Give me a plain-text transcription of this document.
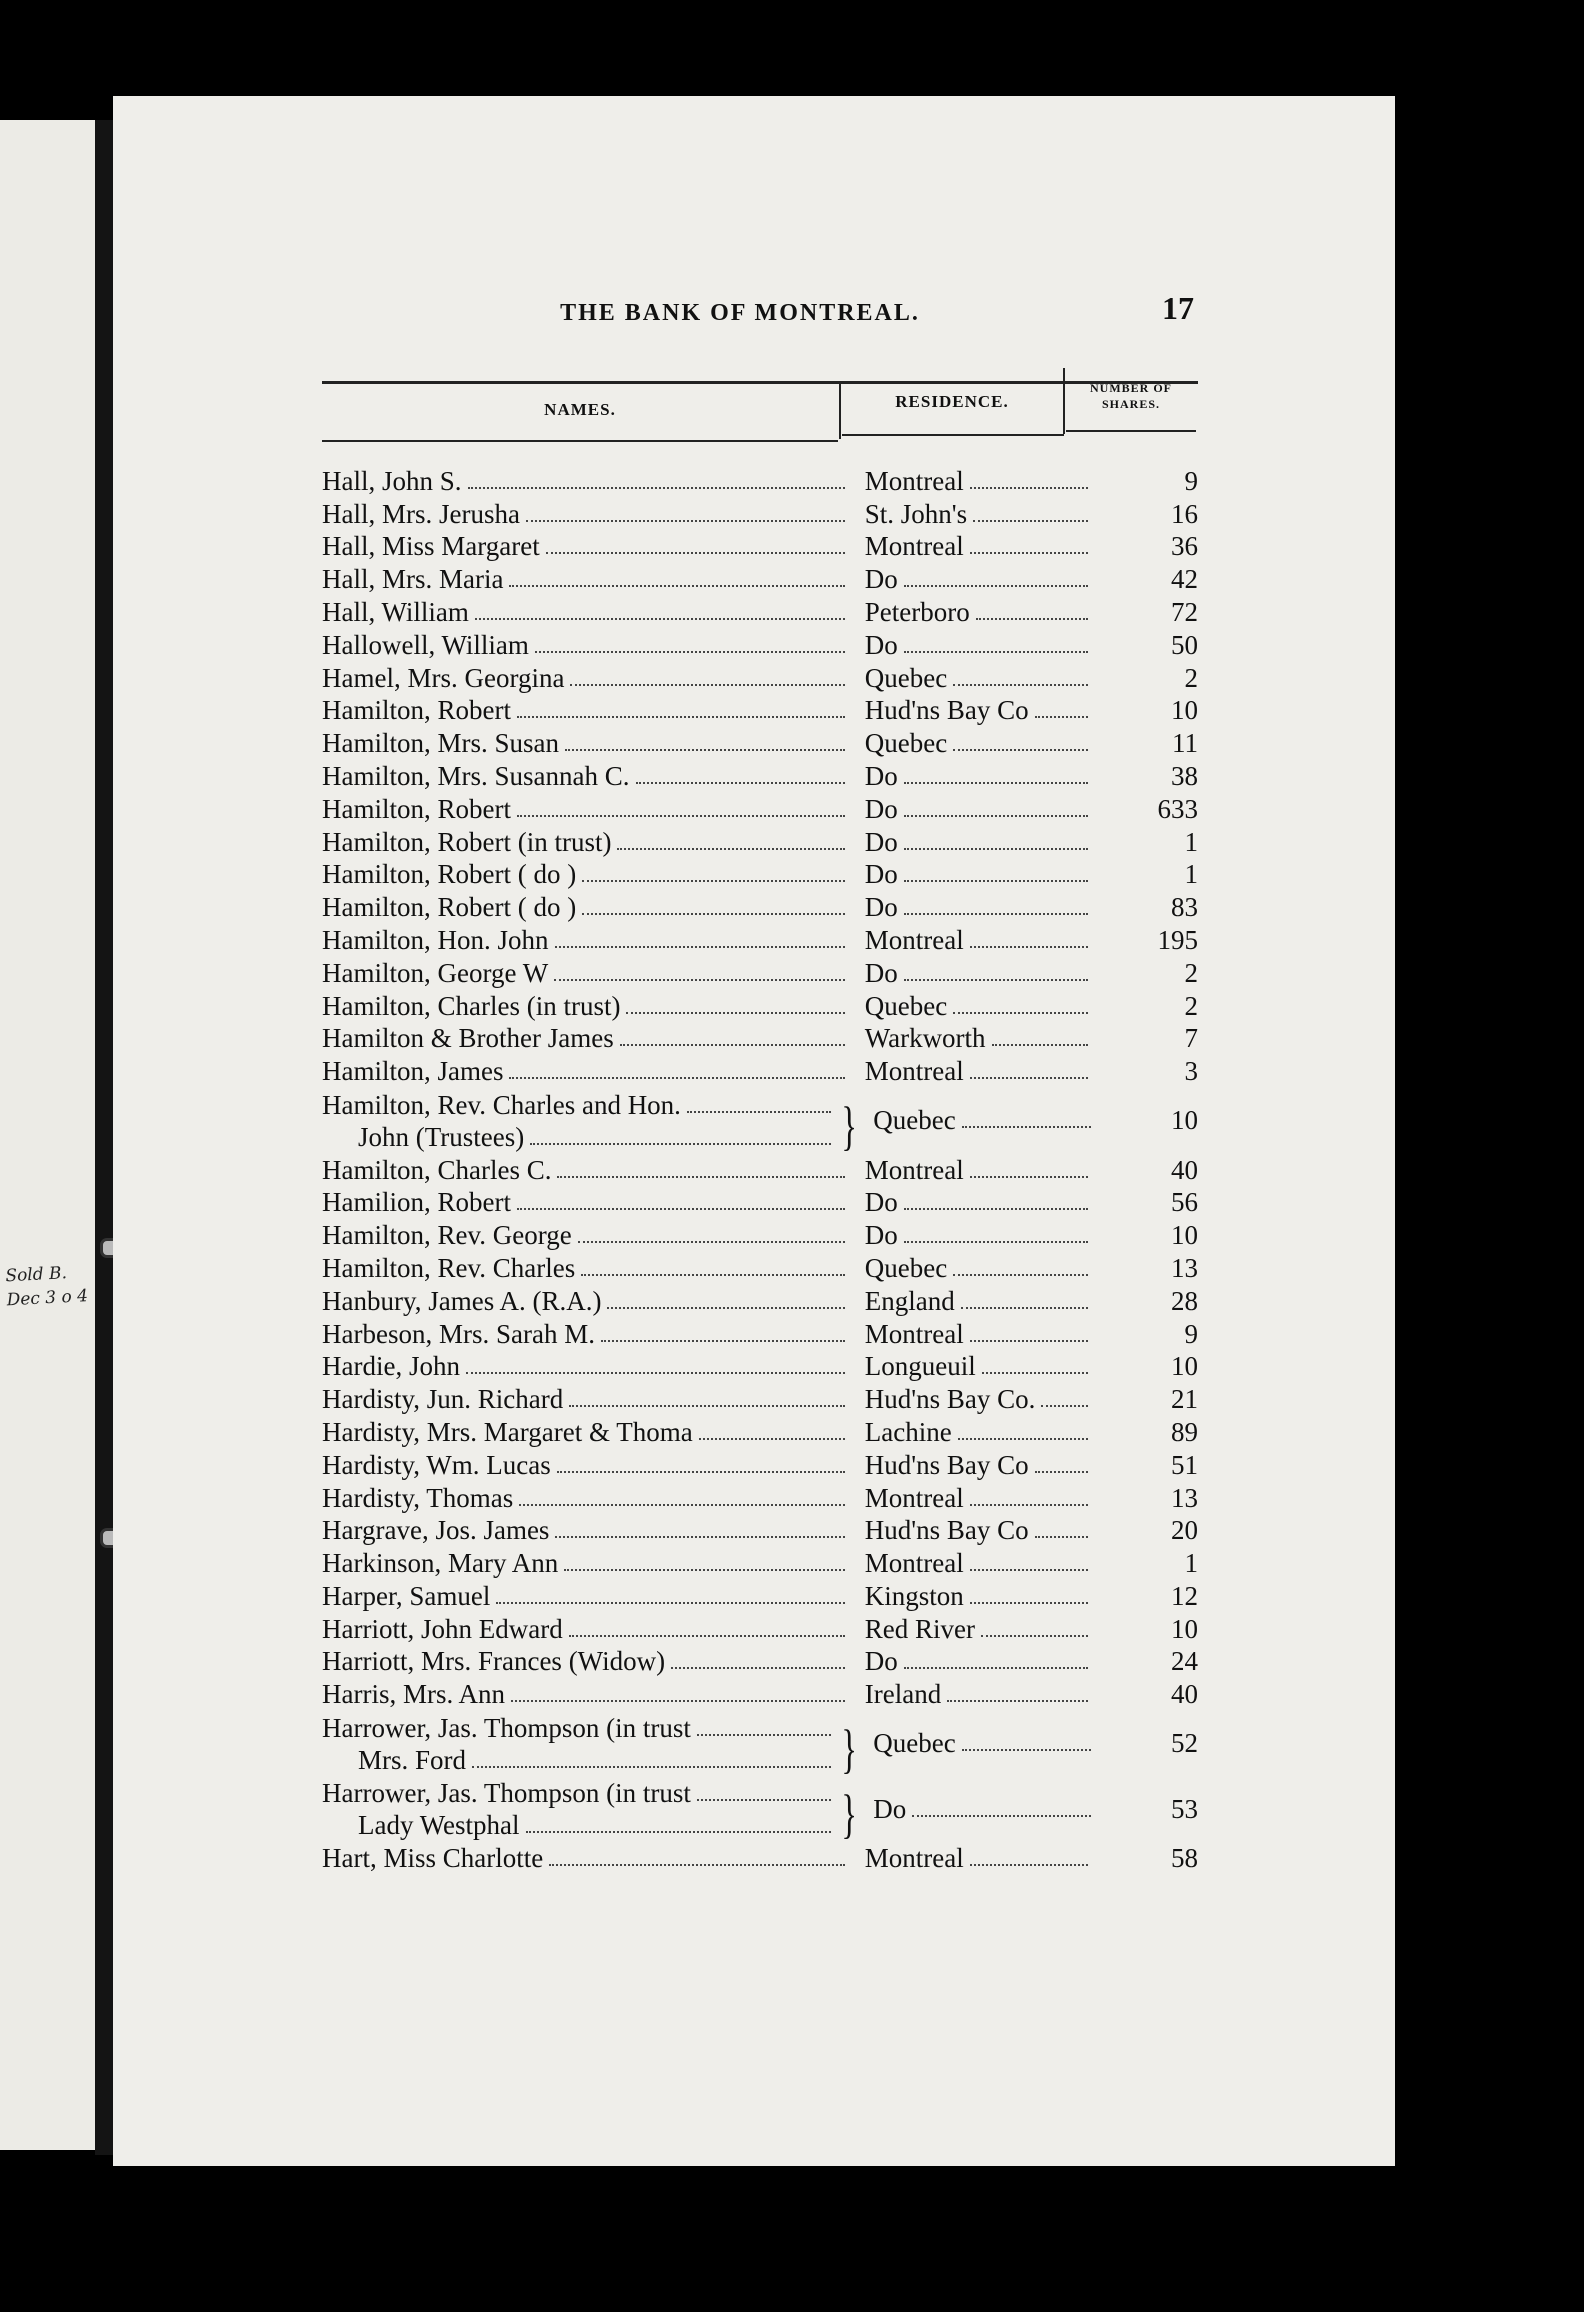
Sold B.
Dec 3 o 4
THE BANK OF MONTREAL.	17
NAMES.	RESIDENCE.
NUMBER OF
SHARES.
Hall, John S.	Montreal	9
Hall, Mrs. Jerusha	St. John's	16
Hall, Miss Margaret	Montreal	36
Hall, Mrs. Maria	Do	42
Hall, William	Peterboro	72
Hallowell, William	Do	50
Hamel, Mrs. Georgina	Quebec	2
Hamilton, Robert	Hud'ns Bay Co	10
Hamilton, Mrs. Susan	Quebec	11
Hamilton, Mrs. Susannah C.	Do	38
Hamilton, Robert	Do	633
Hamilton, Robert (in trust)	Do	1
Hamilton, Robert ( do )	Do	1
Hamilton, Robert ( do )	Do	83
Hamilton, Hon. John	Montreal	195
Hamilton, George W	Do	2
Hamilton, Charles (in trust)	Quebec	2
Hamilton & Brother James	Warkworth	7
Hamilton, James	Montreal	3
Hamilton, Rev. Charles and Hon.
John (Trustees)	} Quebec	10
Hamilton, Charles C.	Montreal	40
Hamilion, Robert	Do	56
Hamilton, Rev. George	Do	10
Hamilton, Rev. Charles	Quebec	13
Hanbury, James A. (R.A.)	England	28
Harbeson, Mrs. Sarah M.	Montreal	9
Hardie, John	Longueuil	10
Hardisty, Jun. Richard	Hud'ns Bay Co.	21
Hardisty, Mrs. Margaret & Thoma	Lachine	89
Hardisty, Wm. Lucas	Hud'ns Bay Co	51
Hardisty, Thomas	Montreal	13
Hargrave, Jos. James	Hud'ns Bay Co	20
Harkinson, Mary Ann	Montreal	1
Harper, Samuel	Kingston	12
Harriott, John Edward	Red River	10
Harriott, Mrs. Frances (Widow)	Do	24
Harris, Mrs. Ann	Ireland	40
Harrower, Jas. Thompson (in trust
Mrs. Ford	} Quebec	52
Harrower, Jas. Thompson (in trust
Lady Westphal	} Do	53
Hart, Miss Charlotte	Montreal	58
